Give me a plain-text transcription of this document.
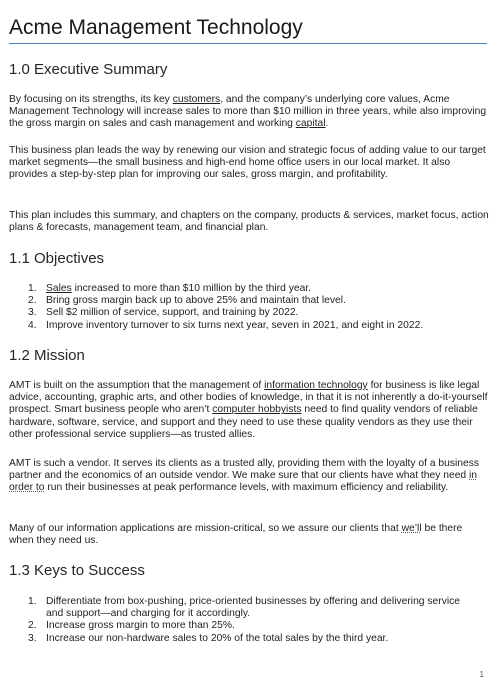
Acme Management Technology
1.0 Executive Summary

By focusing on its strengths, its key customers, and the company’s underlying core values, Acme Management Technology will increase sales to more than $10 million in three years, while also improving the gross margin on sales and cash management and working capital.

This business plan leads the way by renewing our vision and strategic focus of adding value to our target market segments—the small business and high-end home office users in our local market. It also provides a step-by-step plan for improving our sales, gross margin, and profitability.

This plan includes this summary, and chapters on the company, products & services, market focus, action plans & forecasts, management team, and financial plan.

1.1 Objectives
1. Sales increased to more than $10 million by the third year.
2. Bring gross margin back up to above 25% and maintain that level.
3. Sell $2 million of service, support, and training by 2022.
4. Improve inventory turnover to six turns next year, seven in 2021, and eight in 2022.
1.2 Mission

AMT is built on the assumption that the management of information technology for business is like legal advice, accounting, graphic arts, and other bodies of knowledge, in that it is not inherently a do-it-yourself prospect. Smart business people who aren’t computer hobbyists need to find quality vendors of reliable hardware, software, service, and support and they need to use these quality vendors as they use their other professional service suppliers—as trusted allies.

AMT is such a vendor. It serves its clients as a trusted ally, providing them with the loyalty of a business partner and the economics of an outside vendor. We make sure that our clients have what they need in order to run their businesses at peak performance levels, with maximum efficiency and reliability.

Many of our information applications are mission-critical, so we assure our clients that we’ll be there when they need us.

1.3 Keys to Success
1. Differentiate from box-pushing, price-oriented businesses by offering and delivering service and support—and charging for it accordingly.
2. Increase gross margin to more than 25%.
3. Increase our non-hardware sales to 20% of the total sales by the third year.
1
